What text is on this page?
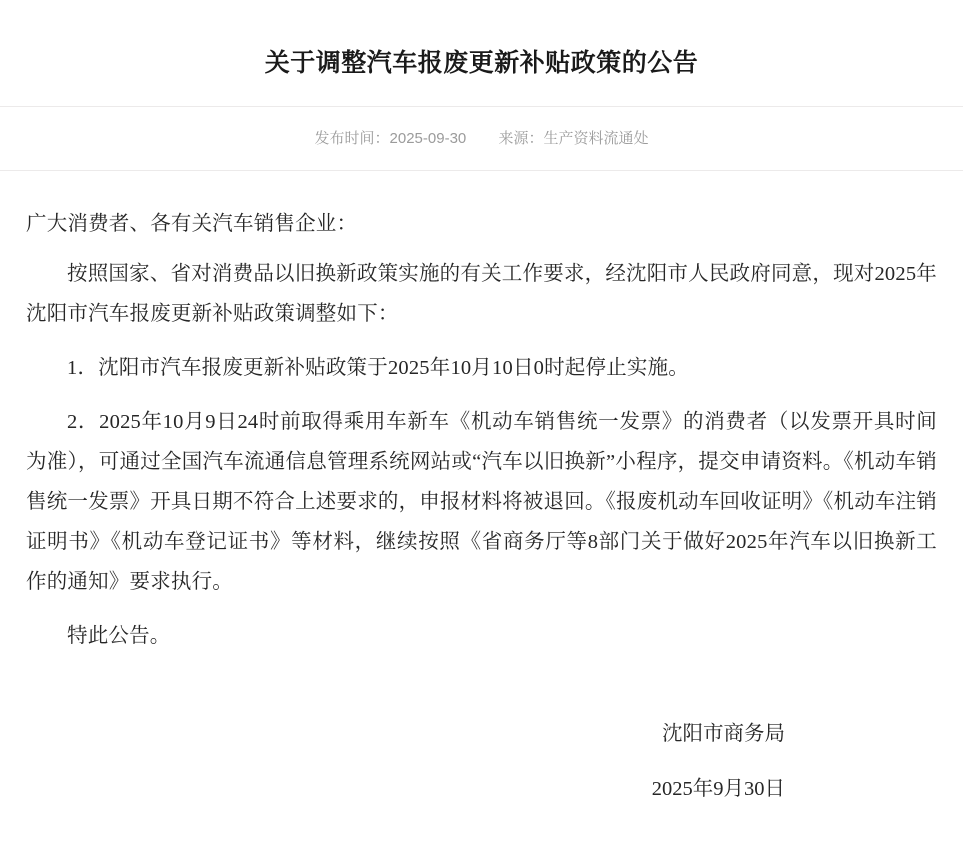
关于调整汽车报废更新补贴政策的公告
发布时间：2025-09-30 来源：生产资料流通处

广大消费者、各有关汽车销售企业：

按照国家、省对消费品以旧换新政策实施的有关工作要求，经沈阳市人民政府同意，现对2025年沈阳市汽车报废更新补贴政策调整如下：

1．沈阳市汽车报废更新补贴政策于2025年10月10日0时起停止实施。

2．2025年10月9日24时前取得乘用车新车《机动车销售统一发票》的消费者（以发票开具时间为准），可通过全国汽车流通信息管理系统网站或“汽车以旧换新”小程序，提交申请资料。《机动车销售统一发票》开具日期不符合上述要求的，申报材料将被退回。《报废机动车回收证明》《机动车注销证明书》《机动车登记证书》等材料，继续按照《省商务厅等8部门关于做好2025年汽车以旧换新工作的通知》要求执行。

特此公告。

沈阳市商务局

2025年9月30日
